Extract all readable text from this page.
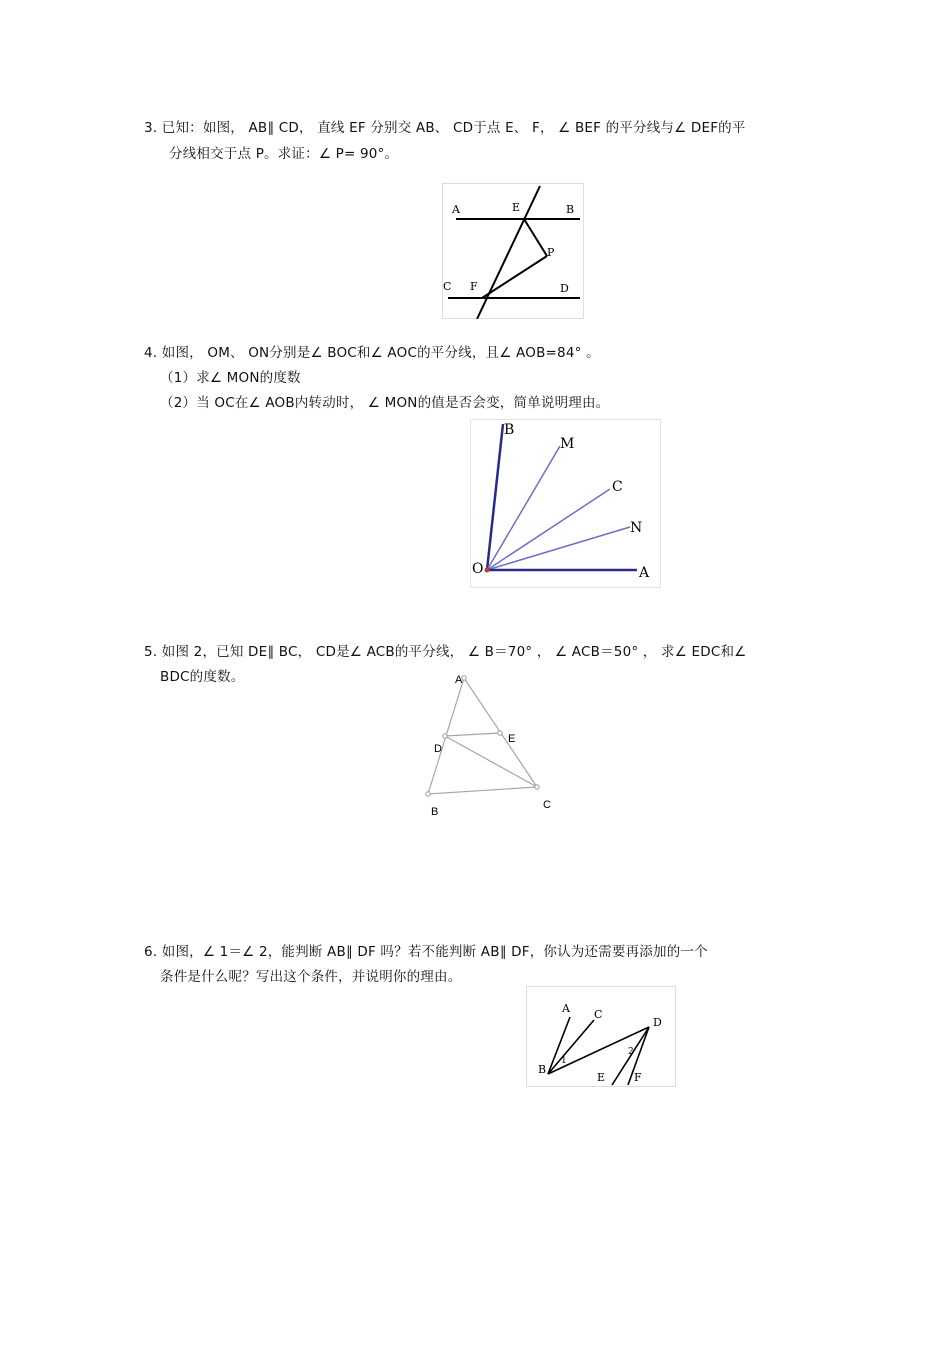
3. 已知：如图， AB∥ CD， 直线 EF 分别交 AB、 CD于点 E、 F， ∠ BEF 的平分线与∠ DEF的平
分线相交于点 P。求证：∠ P= 90°。
A	B
E
P
C F	D
4. 如图， OM、 ON分别是∠ BOC和∠ AOC的平分线，且∠ AOB=84° 。
（1）求∠ MON的度数
（2）当 OC在∠ AOB内转动时， ∠ MON的值是否会变，简单说明理由。
B
M
C
N
O	A
5. 如图 2，已知 DE∥ BC， CD是∠ ACB的平分线， ∠ B＝70° ， ∠ ACB＝50° ， 求∠ EDC和∠
BDC的度数。	A
D
E
B
C
6. 如图，∠ 1＝∠ 2，能判断 AB∥ DF 吗？若不能判断 AB∥ DF，你认为还需要再添加的一个
条件是什么呢？写出这个条件，并说明你的理由。
A C
D
B
E	F
1
2
